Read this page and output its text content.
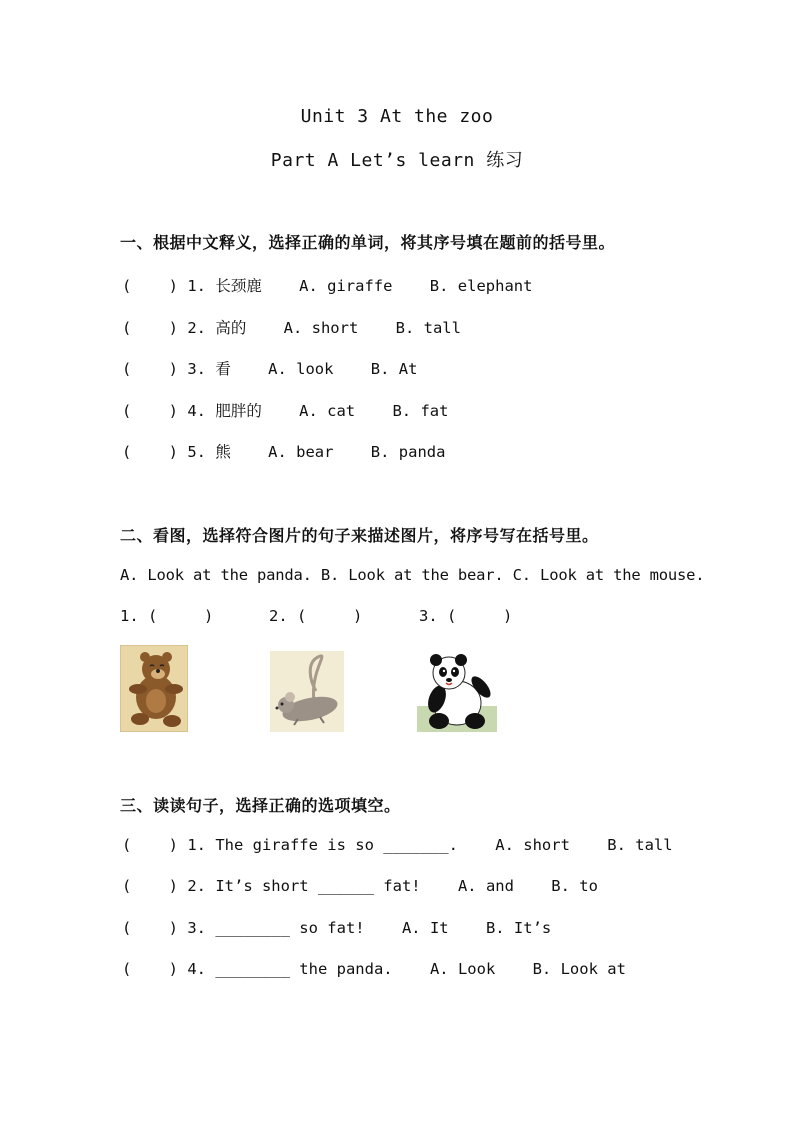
Unit 3 At the zoo
Part A Let’s learn 练习
一、根据中文释义，选择正确的单词，将其序号填在题前的括号里。
(    ) 1. 长颈鹿    A. giraffe    B. elephant
(    ) 2. 高的    A. short    B. tall
(    ) 3. 看    A. look    B. At
(    ) 4. 肥胖的    A. cat    B. fat
(    ) 5. 熊    A. bear    B. panda
二、看图，选择符合图片的句子来描述图片，将序号写在括号里。
A. Look at the panda. B. Look at the bear. C. Look at the mouse.
1. (     )	2. (     )	3. (     )
三、读读句子，选择正确的选项填空。
(    ) 1. The giraffe is so _______.    A. short    B. tall
(    ) 2. It’s short ______ fat!    A. and    B. to
(    ) 3. ________ so fat!    A. It    B. It’s
(    ) 4. ________ the panda.    A. Look    B. Look at
